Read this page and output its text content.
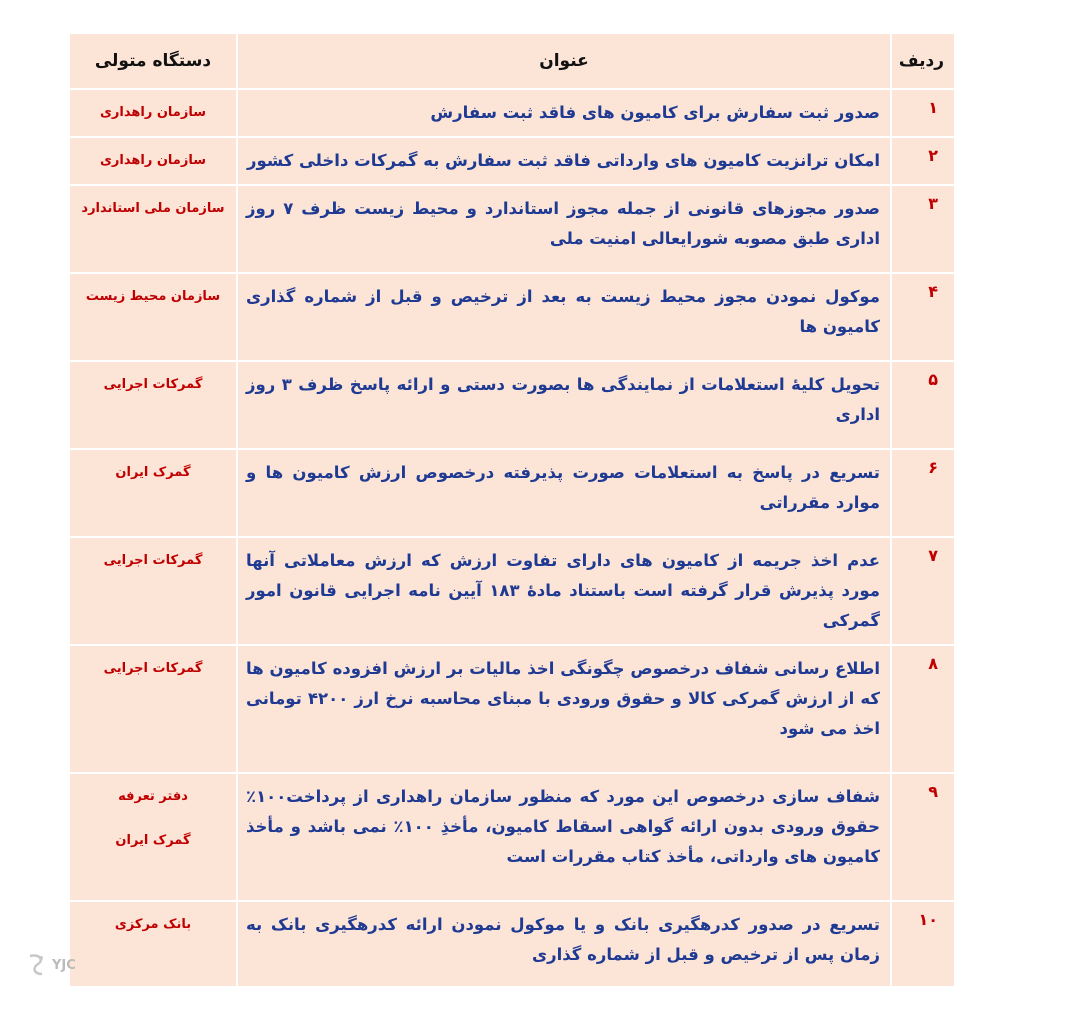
ردیف	عنوان	دستگاه متولی
۱	صدور ثبت سفارش برای کامیون های فاقد ثبت سفارش	سازمان راهداری

۲	امکان ترانزیت کامیون های وارداتی فاقد ثبت سفارش به گمرکات داخلی کشور	سازمان راهداری

۳	صدور مجوزهای قانونی از جمله مجوز استاندارد و محیط زیست ظرف ۷ روز اداری طبق مصوبه شورایعالی امنیت ملی	سازمان ملی استاندارد

۴	موکول نمودن مجوز محیط زیست به بعد از ترخیص و قبل از شماره گذاری کامیون ها	سازمان محیط زیست

۵	تحویل کلیهٔ استعلامات از نمایندگی ها بصورت دستی و ارائه پاسخ ظرف ۳ روز اداری	گمرکات اجرایی

۶	تسریع در پاسخ به استعلامات صورت پذیرفته درخصوص ارزش کامیون ها و موارد مقرراتی	گمرک ایران

۷	عدم اخذ جریمه از کامیون های دارای تفاوت ارزش که ارزش معاملاتی آنها مورد پذیرش قرار گرفته است باستناد مادهٔ ۱۸۳ آیین نامه اجرایی قانون امور گمرکی	گمرکات اجرایی

۸	اطلاع رسانی شفاف درخصوص چگونگی اخذ مالیات بر ارزش افزوده کامیون ها که از ارزش گمرکی کالا و حقوق ورودی با مبنای محاسبه نرخ ارز ۴۲۰۰ تومانی اخذ می شود	گمرکات اجرایی

۹	شفاف سازی درخصوص این مورد که منظور سازمان راهداری از پرداخت۱۰۰٪ حقوق ورودی بدون ارائه گواهی اسقاط کامیون، مأخذِ ۱۰۰٪ نمی باشد و مأخذ کامیون های وارداتی، مأخذ کتاب مقررات است	دفتر تعرفه
گمرک ایران

۱۰	تسریع در صدور کدرهگیری بانک و یا موکول نمودن ارائه کدرهگیری بانک به زمان پس از ترخیص و قبل از شماره گذاری	بانک مرکزی
YJC
